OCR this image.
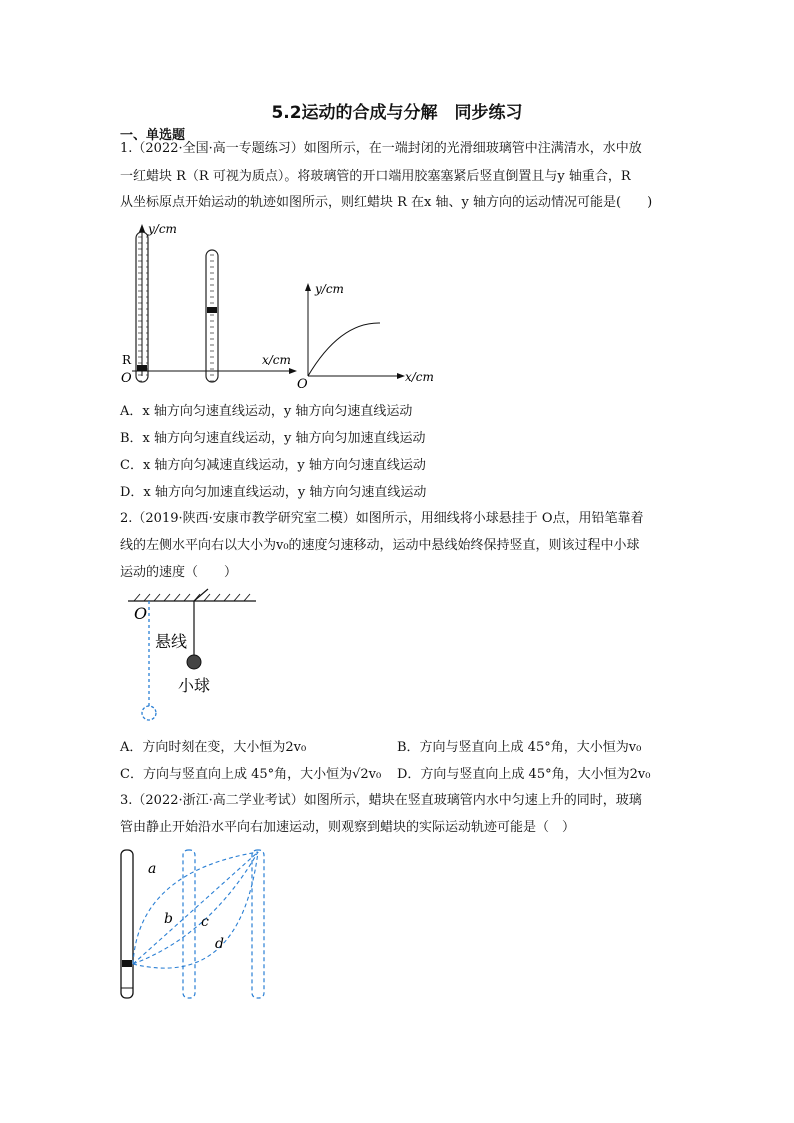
5.2运动的合成与分解　同步练习
一、单选题
1.（2022·全国·高一专题练习）如图所示，在一端封闭的光滑细玻璃管中注满清水，水中放
一红蜡块 R（R 可视为质点）。将玻璃管的开口端用胶塞塞紧后竖直倒置且与y 轴重合，R
从坐标原点开始运动的轨迹如图所示，则红蜡块 R 在x 轴、y 轴方向的运动情况可能是(　　)
y/cm
x/cm
O
R
y/cm
x/cm
O
A．x 轴方向匀速直线运动，y 轴方向匀速直线运动
B．x 轴方向匀速直线运动，y 轴方向匀加速直线运动
C．x 轴方向匀减速直线运动，y 轴方向匀速直线运动
D．x 轴方向匀加速直线运动，y 轴方向匀速直线运动
2.（2019·陕西·安康市教学研究室二模）如图所示，用细线将小球悬挂于 O点，用铅笔靠着
线的左侧水平向右以大小为v₀的速度匀速移动，运动中悬线始终保持竖直，则该过程中小球
运动的速度（　　）
O
悬线
小球
A．方向时刻在变，大小恒为2v₀	B．方向与竖直向上成 45°角，大小恒为v₀
C．方向与竖直向上成 45°角，大小恒为√2v₀ D．方向与竖直向上成 45°角，大小恒为2v₀
3.（2022·浙江·高二学业考试）如图所示，蜡块在竖直玻璃管内水中匀速上升的同时，玻璃
管由静止开始沿水平向右加速运动，则观察到蜡块的实际运动轨迹可能是（　）
a
b c
d
